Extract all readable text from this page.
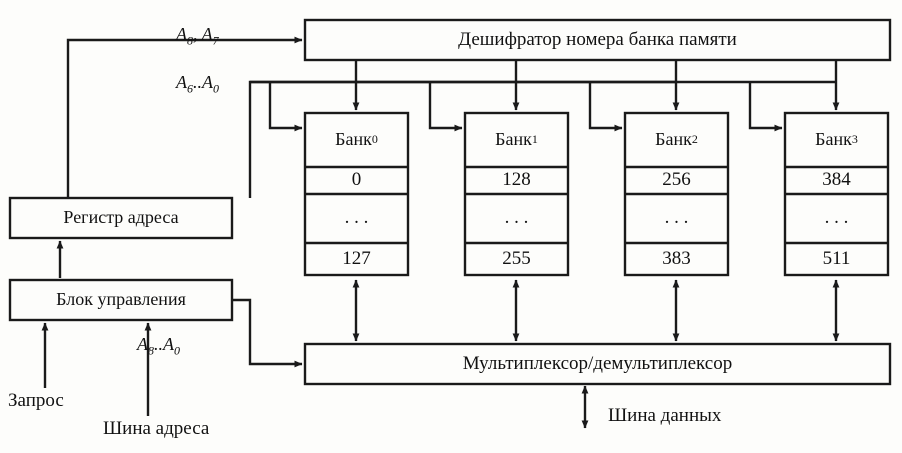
Дешифратор номера банка памяти
Банк 0
0
. . .
127
Банк 1
128
. . .
255
Банк 2
256
. . .
383
Банк 3
384
. . .
511
Мультиплексор/демультиплексор
Регистр адреса
Блок управления
$A_8$, $A_7$
$A_6..A_0$
$A_8..A_0$
Запрос
Шина адреса
Шина данных
